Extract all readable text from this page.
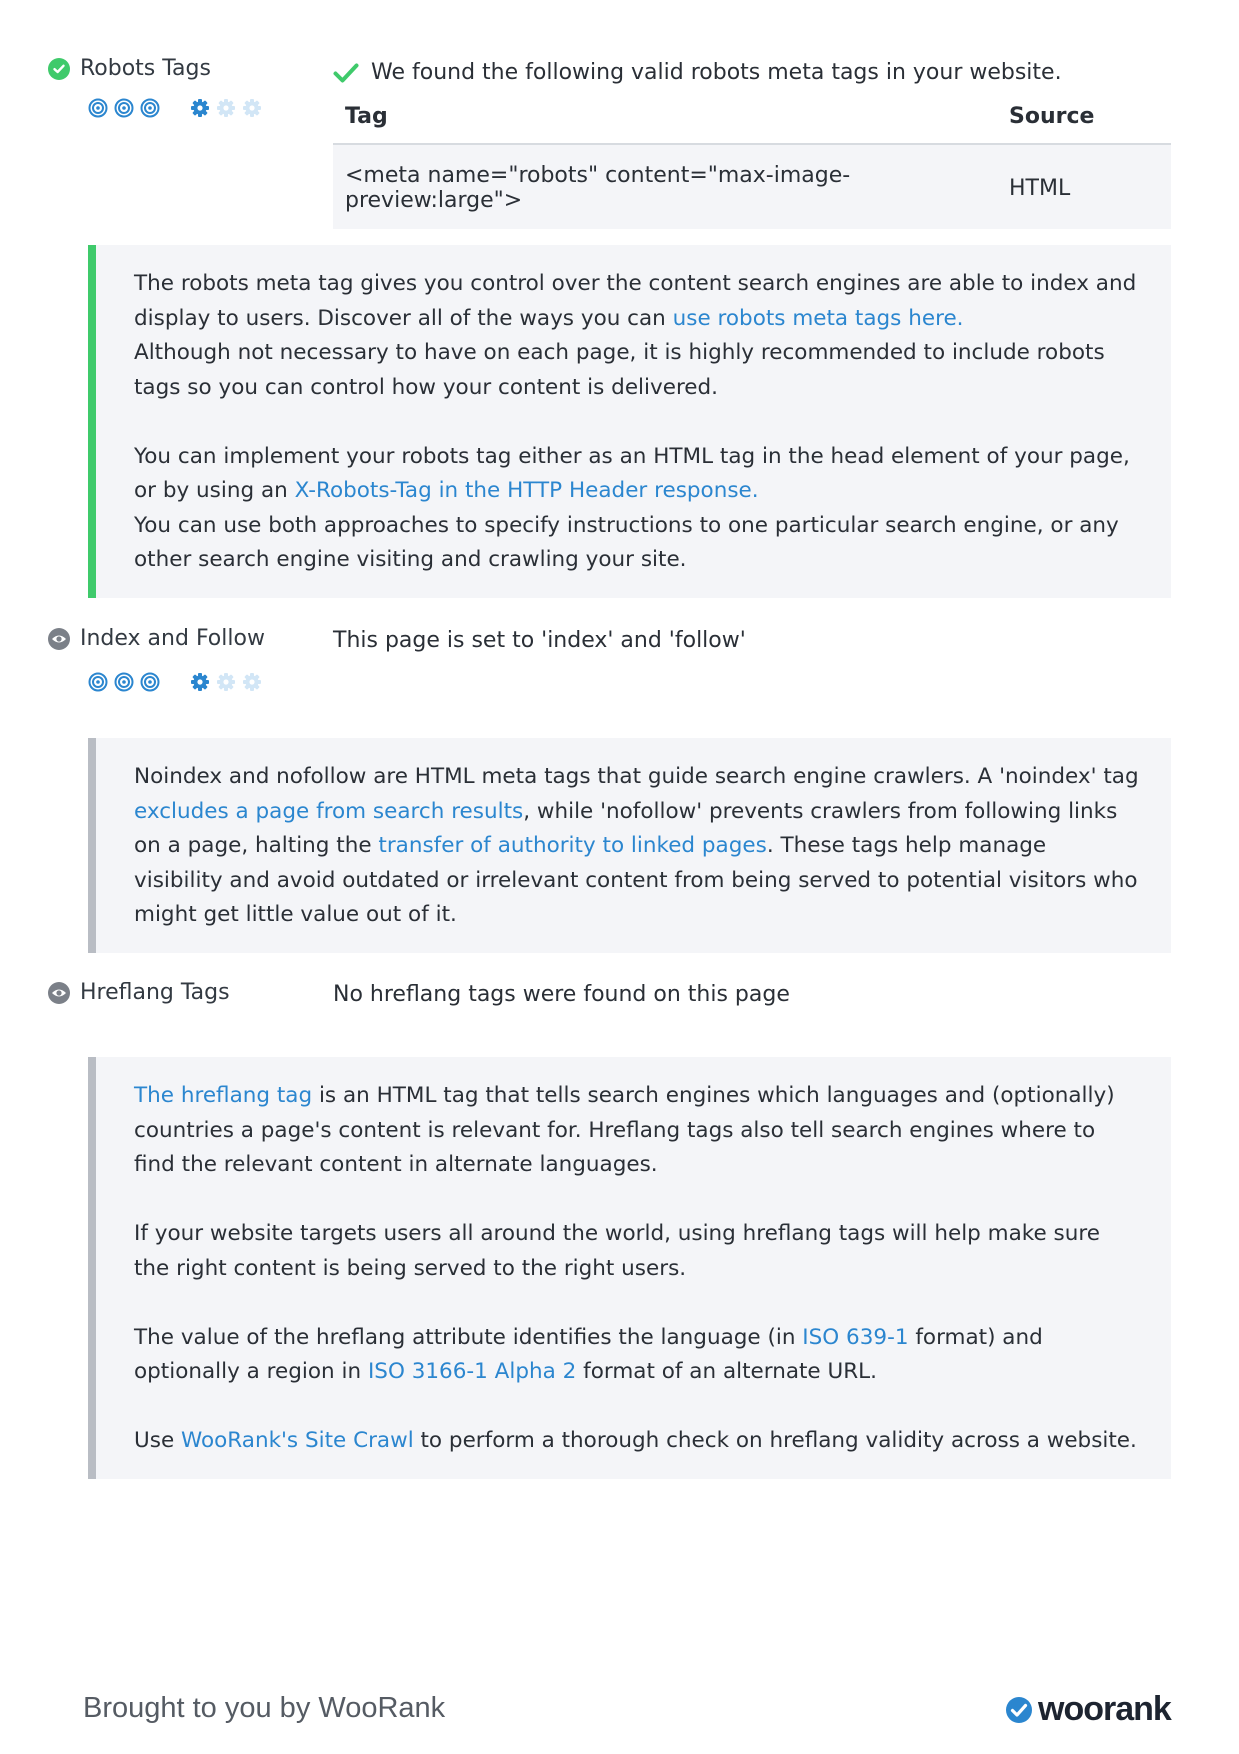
Robots Tags	We found the following valid robots meta tags in your website.
Tag	Source
<meta name="robots" content="max-image-preview:large">	HTML

The robots meta tag gives you control over the content search engines are able to index and display to users. Discover all of the ways you can use robots meta tags here.

Although not necessary to have on each page, it is highly recommended to include robots tags so you can control how your content is delivered.

You can implement your robots tag either as an HTML tag in the head element of your page, or by using an X-Robots-Tag in the HTTP Header response.

You can use both approaches to specify instructions to one particular search engine, or any other search engine visiting and crawling your site.

Index and Follow	This page is set to 'index' and 'follow'

Noindex and nofollow are HTML meta tags that guide search engine crawlers. A 'noindex' tag excludes a page from search results, while 'nofollow' prevents crawlers from following links on a page, halting the transfer of authority to linked pages. These tags help manage visibility and avoid outdated or irrelevant content from being served to potential visitors who might get little value out of it.

Hreflang Tags	No hreflang tags were found on this page

The hreflang tag is an HTML tag that tells search engines which languages and (optionally) countries a page's content is relevant for. Hreflang tags also tell search engines where to find the relevant content in alternate languages.

If your website targets users all around the world, using hreflang tags will help make sure the right content is being served to the right users.

The value of the hreflang attribute identifies the language (in ISO 639-1 format) and optionally a region in ISO 3166-1 Alpha 2 format of an alternate URL.

Use WooRank's Site Crawl to perform a thorough check on hreflang validity across a website.

Brought to you by WooRank	woorank
